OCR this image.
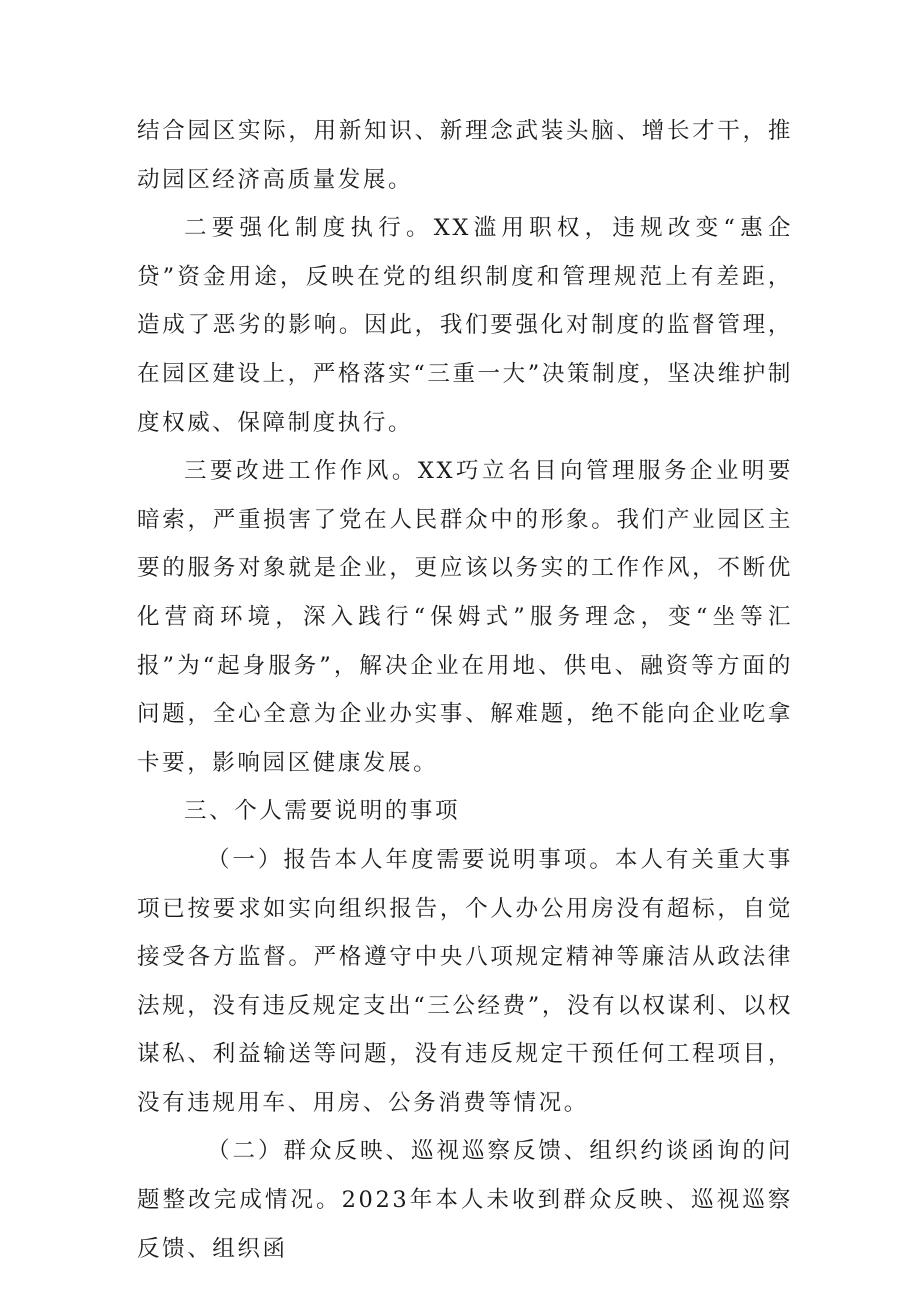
结合园区实际，用新知识、新理念武装头脑、增长才干，推动园区经济高质量发展。

二要强化制度执行。XX滥用职权，违规改变“惠企贷”资金用途，反映在党的组织制度和管理规范上有差距，造成了恶劣的影响。因此，我们要强化对制度的监督管理，在园区建设上，严格落实“三重一大”决策制度，坚决维护制度权威、保障制度执行。

三要改进工作作风。XX巧立名目向管理服务企业明要暗索，严重损害了党在人民群众中的形象。我们产业园区主要的服务对象就是企业，更应该以务实的工作作风，不断优化营商环境，深入践行“保姆式”服务理念，变“坐等汇报”为“起身服务”，解决企业在用地、供电、融资等方面的问题，全心全意为企业办实事、解难题，绝不能向企业吃拿卡要，影响园区健康发展。

三、个人需要说明的事项

（一）报告本人年度需要说明事项。本人有关重大事项已按要求如实向组织报告，个人办公用房没有超标，自觉接受各方监督。严格遵守中央八项规定精神等廉洁从政法律法规，没有违反规定支出“三公经费”，没有以权谋利、以权谋私、利益输送等问题，没有违反规定干预任何工程项目，没有违规用车、用房、公务消费等情况。

（二）群众反映、巡视巡察反馈、组织约谈函询的问题整改完成情况。2023年本人未收到群众反映、巡视巡察反馈、组织函
